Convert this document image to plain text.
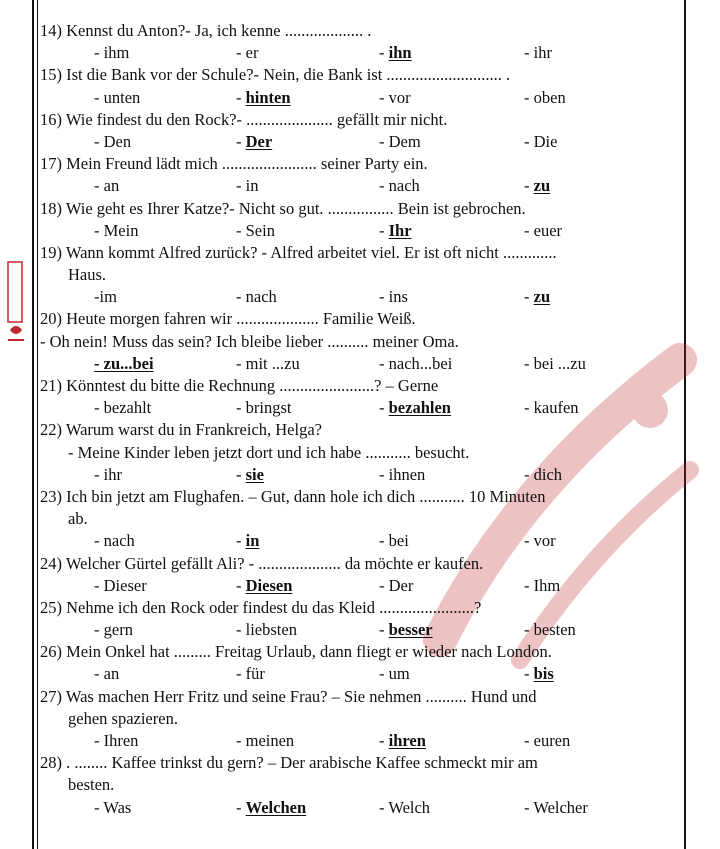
14) Kennst du Anton?- Ja, ich kenne ................... .
- ihm	- er	- ihn	- ihr
15) Ist die Bank vor der Schule?- Nein, die Bank ist ............................ .
- unten	- hinten	- vor	- oben
16) Wie findest du den Rock?- ..................... gefällt mir nicht.
- Den	- Der	- Dem	- Die
17) Mein Freund lädt mich ....................... seiner Party ein.
- an	- in	- nach	- zu
18) Wie geht es Ihrer Katze?- Nicht so gut. ................ Bein ist gebrochen.
- Mein	- Sein	- Ihr	- euer
19) Wann kommt Alfred zurück? - Alfred arbeitet viel. Er ist oft nicht .............
Haus.
-im	- nach	- ins	- zu
20) Heute morgen fahren wir .................... Familie Weiß.
- Oh nein! Muss das sein? Ich bleibe lieber .......... meiner Oma.
- zu...bei	- mit ...zu	- nach...bei	- bei ...zu
21) Könntest du bitte die Rechnung .......................? – Gerne
- bezahlt	- bringst	- bezahlen	- kaufen
22) Warum warst du in Frankreich, Helga?
- Meine Kinder leben jetzt dort und ich habe ........... besucht.
- ihr	- sie	- ihnen	- dich
23) Ich bin jetzt am Flughafen. – Gut, dann hole ich dich ........... 10 Minuten
ab.
- nach	- in	- bei	- vor
24) Welcher Gürtel gefällt Ali? - .................... da möchte er kaufen.
- Dieser	- Diesen	- Der	- Ihm
25) Nehme ich den Rock oder findest du das Kleid .......................?
- gern	- liebsten	- besser	- besten
26) Mein Onkel hat ......... Freitag Urlaub, dann fliegt er wieder nach London.
- an	- für	- um	- bis
27) Was machen Herr Fritz und seine Frau? – Sie nehmen .......... Hund und
gehen spazieren.
- Ihren	- meinen	- ihren	- euren
28) . ........ Kaffee trinkst du gern? – Der arabische Kaffee schmeckt mir am
besten.
- Was	- Welchen	- Welch	- Welcher
